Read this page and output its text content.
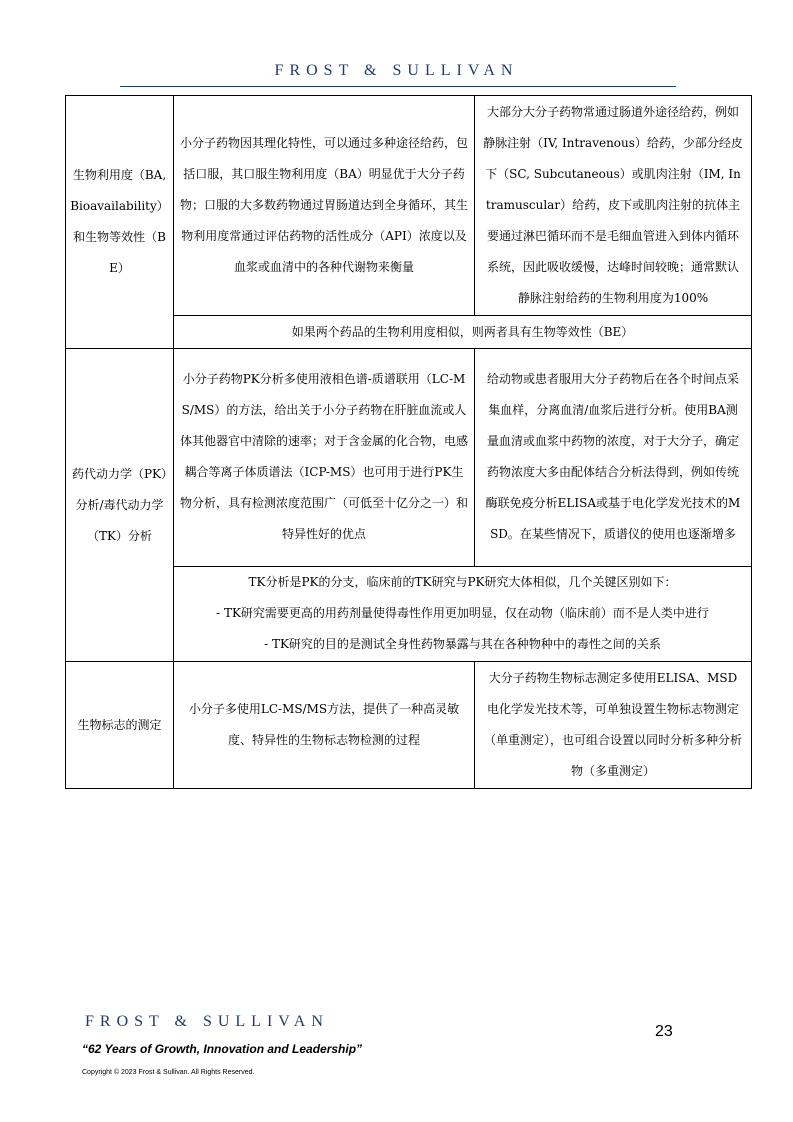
FROST & SULLIVAN
生物利用度（BA, Bioavailability）和生物等效性（BE）	小分子药物因其理化特性，可以通过多种途径给药，包括口服，其口服生物利用度（BA）明显优于大分子药物；口服的大多数药物通过胃肠道达到全身循环，其生物利用度常通过评估药物的活性成分（API）浓度以及血浆或血清中的各种代谢物来衡量	大部分大分子药物常通过肠道外途径给药，例如静脉注射（IV, Intravenous）给药，少部分经皮下（SC, Subcutaneous）或肌肉注射（IM, Intramuscular）给药，皮下或肌肉注射的抗体主要通过淋巴循环而不是毛细血管进入到体内循环系统，因此吸收缓慢，达峰时间较晚；通常默认静脉注射给药的生物利用度为100%
	如果两个药品的生物利用度相似，则两者具有生物等效性（BE）	
药代动力学（PK）分析/毒代动力学（TK）分析	小分子药物PK分析多使用液相色谱-质谱联用（LC-MS/MS）的方法，给出关于小分子药物在肝脏血流或人体其他器官中清除的速率；对于含金属的化合物，电感耦合等离子体质谱法（ICP-MS）也可用于进行PK生物分析，具有检测浓度范围广（可低至十亿分之一）和特异性好的优点	给动物或患者服用大分子药物后在各个时间点采集血样，分离血清/血浆后进行分析。使用BA测量血清或血浆中药物的浓度，对于大分子，确定药物浓度大多由配体结合分析法得到，例如传统酶联免疫分析ELISA或基于电化学发光技术的MSD。在某些情况下，质谱仪的使用也逐渐增多

	TK分析是PK的分支，临床前的TK研究与PK研究大体相似，几个关键区别如下：
- TK研究需要更高的用药剂量使得毒性作用更加明显，仅在动物（临床前）而不是人类中进行
- TK研究的目的是测试全身性药物暴露与其在各种物种中的毒性之间的关系	

生物标志的测定	小分子多使用LC-MS/MS方法，提供了一种高灵敏度、特异性的生物标志物检测的过程	大分子药物生物标志测定多使用ELISA、MSD电化学发光技术等，可单独设置生物标志物测定（单重测定），也可组合设置以同时分析多种分析物（多重测定）
FROST & SULLIVAN
“62 Years of Growth, Innovation and Leadership”
Copyright © 2023 Frost & Sullivan. All Rights Reserved.
23
